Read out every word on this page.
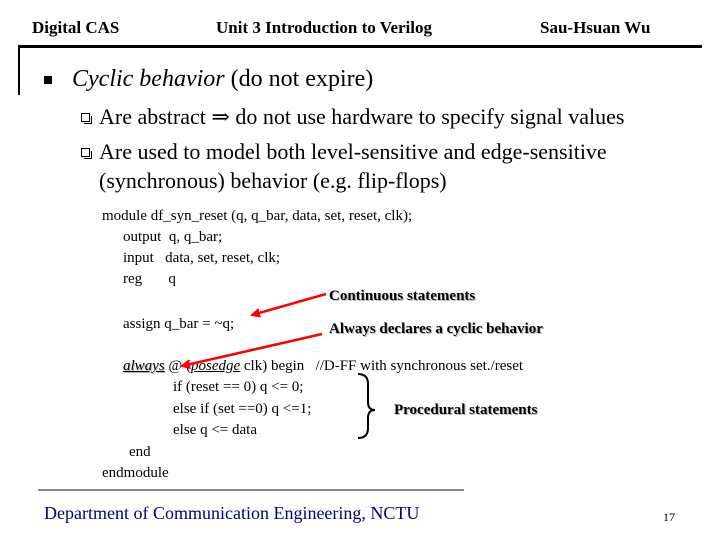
Digital CAS	Unit 3 Introduction to Verilog	Sau-Hsuan Wu
Cyclic behavior (do not expire)
Are abstract ⇒ do not use hardware to specify signal values
Are used to model both level-sensitive and edge-sensitive
(synchronous) behavior (e.g. flip-flops)
module df_syn_reset (q, q_bar, data, set, reset, clk);
output  q, q_bar;
input   data, set, reset, clk;
reg       q
assign q_bar = ~q;
always @ (posedge clk) begin   //D-FF with synchronous set./reset
if (reset == 0) q <= 0;
else if (set ==0) q <=1;
else q <= data
end
endmodule
Continuous statements
Always declares a cyclic behavior
Procedural statements
Department of Communication Engineering, NCTU	17
